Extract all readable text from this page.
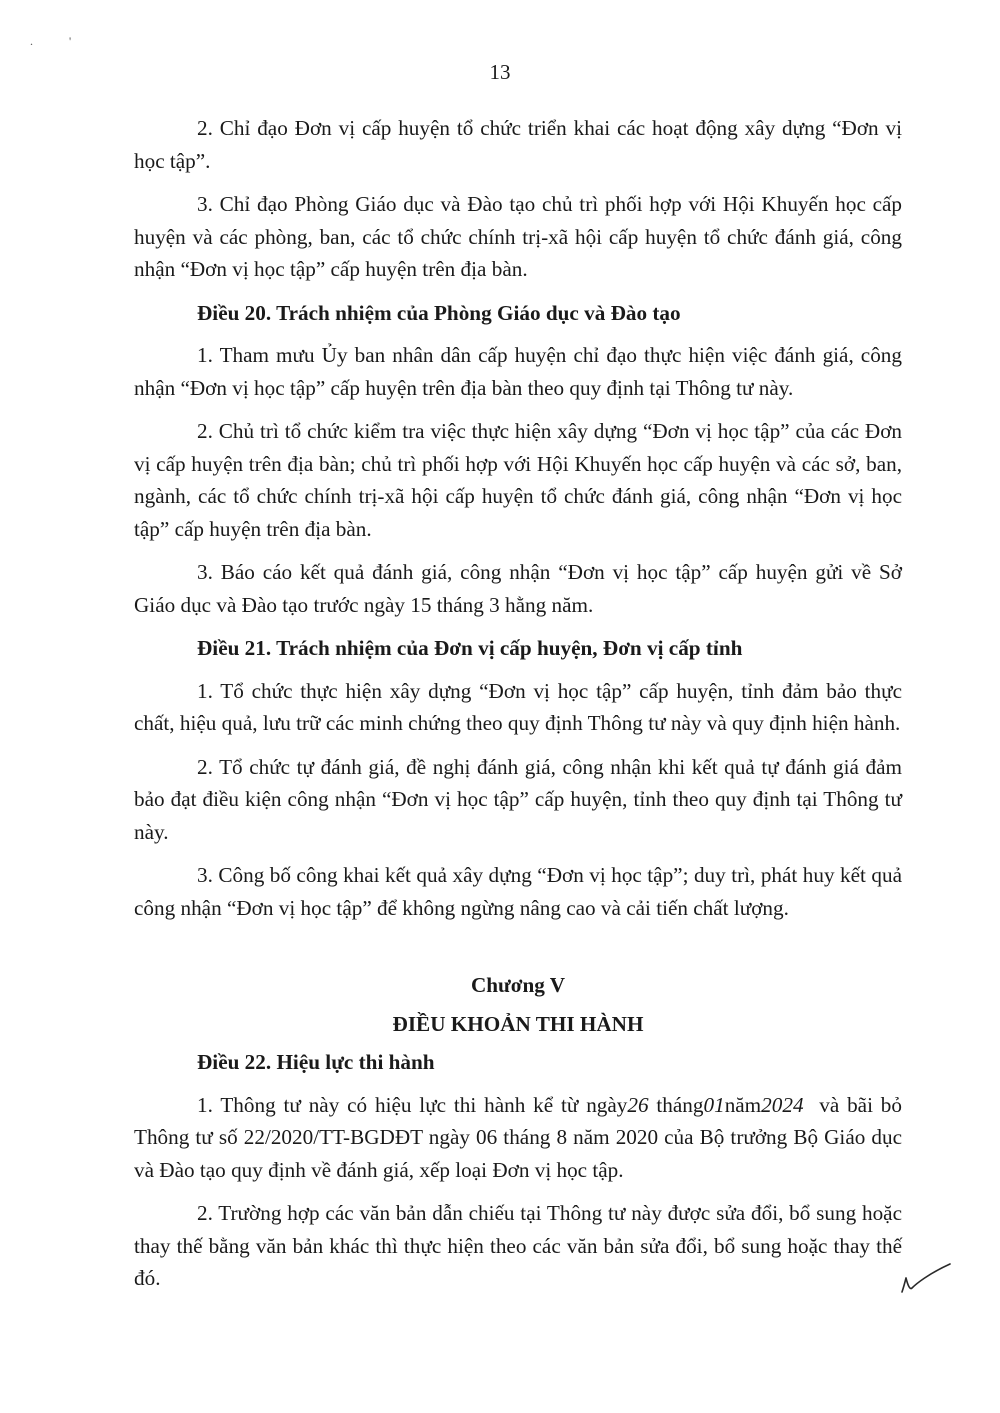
.            '
13

2. Chỉ đạo Đơn vị cấp huyện tổ chức triển khai các hoạt động xây dựng “Đơn vị học tập”.

3. Chỉ đạo Phòng Giáo dục và Đào tạo chủ trì phối hợp với Hội Khuyến học cấp huyện và các phòng, ban, các tổ chức chính trị-xã hội cấp huyện tổ chức đánh giá, công nhận “Đơn vị học tập” cấp huyện trên địa bàn.

Điều 20. Trách nhiệm của Phòng Giáo dục và Đào tạo

1. Tham mưu Ủy ban nhân dân cấp huyện chỉ đạo thực hiện việc đánh giá, công nhận “Đơn vị học tập” cấp huyện trên địa bàn theo quy định tại Thông tư này.

2. Chủ trì tổ chức kiểm tra việc thực hiện xây dựng “Đơn vị học tập” của các Đơn vị cấp huyện trên địa bàn; chủ trì phối hợp với Hội Khuyến học cấp huyện và các sở, ban, ngành, các tổ chức chính trị-xã hội cấp huyện tổ chức đánh giá, công nhận “Đơn vị học tập” cấp huyện trên địa bàn.

3. Báo cáo kết quả đánh giá, công nhận “Đơn vị học tập” cấp huyện gửi về Sở Giáo dục và Đào tạo trước ngày 15 tháng 3 hằng năm.

Điều 21. Trách nhiệm của Đơn vị cấp huyện, Đơn vị cấp tỉnh

1. Tổ chức thực hiện xây dựng “Đơn vị học tập” cấp huyện, tỉnh đảm bảo thực chất, hiệu quả, lưu trữ các minh chứng theo quy định Thông tư này và quy định hiện hành.

2. Tổ chức tự đánh giá, đề nghị đánh giá, công nhận khi kết quả tự đánh giá đảm bảo đạt điều kiện công nhận “Đơn vị học tập” cấp huyện, tỉnh theo quy định tại Thông tư này.

3. Công bố công khai kết quả xây dựng “Đơn vị học tập”; duy trì, phát huy kết quả công nhận “Đơn vị học tập” để không ngừng nâng cao và cải tiến chất lượng.

Chương V
ĐIỀU KHOẢN THI HÀNH

Điều 22. Hiệu lực thi hành

1. Thông tư này có hiệu lực thi hành kể từ ngày26 tháng01năm2024  và bãi bỏ Thông tư số 22/2020/TT-BGDĐT ngày 06 tháng 8 năm 2020 của Bộ trưởng Bộ Giáo dục và Đào tạo quy định về đánh giá, xếp loại Đơn vị học tập.

2. Trường hợp các văn bản dẫn chiếu tại Thông tư này được sửa đổi, bổ sung hoặc thay thế bằng văn bản khác thì thực hiện theo các văn bản sửa đổi, bổ sung hoặc thay thế đó.
